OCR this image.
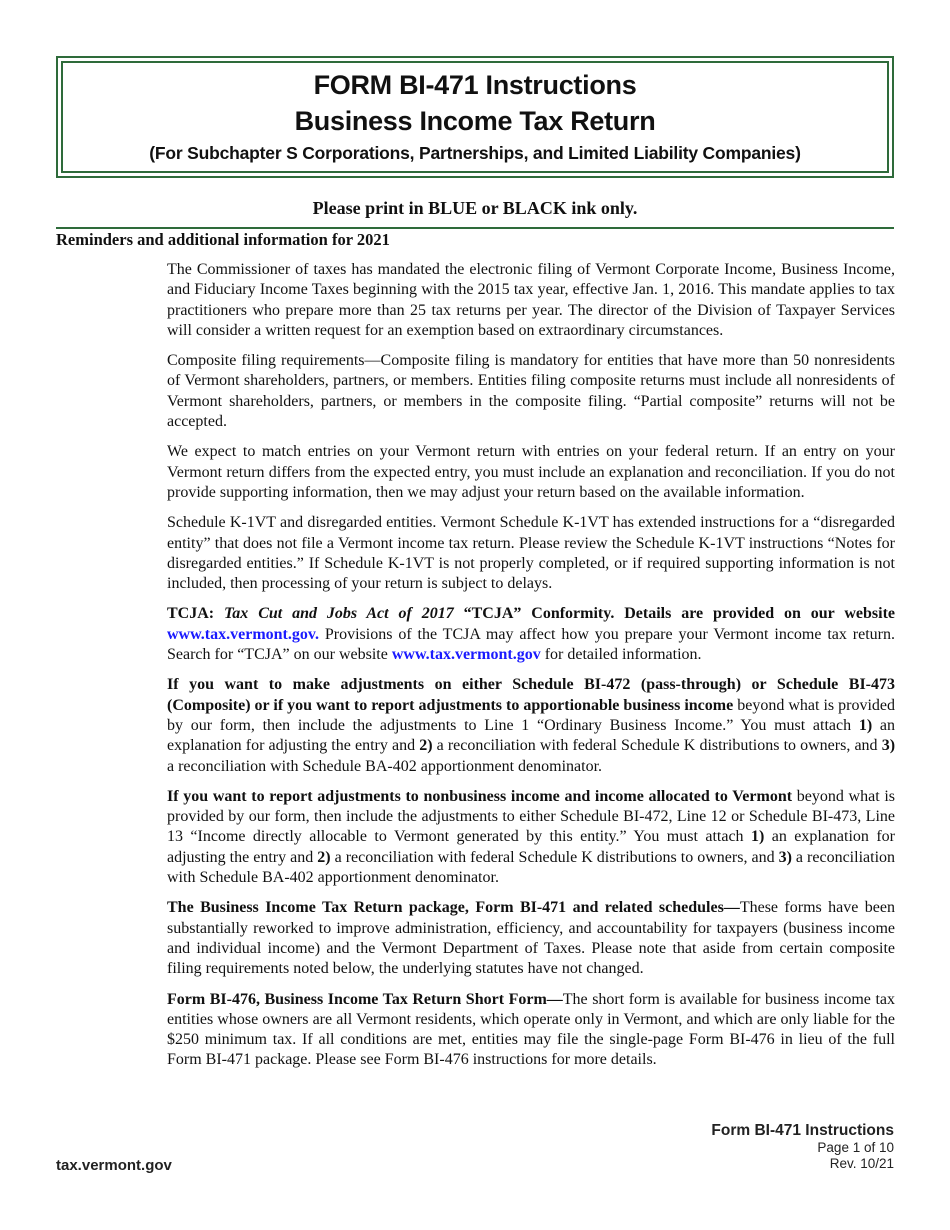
FORM BI-471 Instructions
Business Income Tax Return
(For Subchapter S Corporations, Partnerships, and Limited Liability Companies)
Please print in BLUE or BLACK ink only.
Reminders and additional information for 2021

The Commissioner of taxes has mandated the electronic filing of Vermont Corporate Income, Business Income, and Fiduciary Income Taxes beginning with the 2015 tax year, effective Jan. 1, 2016. This mandate applies to tax practitioners who prepare more than 25 tax returns per year. The director of the Division of Taxpayer Services will consider a written request for an exemption based on extraordinary circumstances.

Composite filing requirements—Composite filing is mandatory for entities that have more than 50 nonresidents of Vermont shareholders, partners, or members. Entities filing composite returns must include all nonresidents of Vermont shareholders, partners, or members in the composite filing. “Partial composite” returns will not be accepted.

We expect to match entries on your Vermont return with entries on your federal return. If an entry on your Vermont return differs from the expected entry, you must include an explanation and reconciliation. If you do not provide supporting information, then we may adjust your return based on the available information.

Schedule K-1VT and disregarded entities. Vermont Schedule K-1VT has extended instructions for a “disregarded entity” that does not file a Vermont income tax return. Please review the Schedule K-1VT instructions “Notes for disregarded entities.” If Schedule K-1VT is not properly completed, or if required supporting information is not included, then processing of your return is subject to delays.

TCJA: Tax Cut and Jobs Act of 2017 “TCJA” Conformity. Details are provided on our website www.tax.vermont.gov. Provisions of the TCJA may affect how you prepare your Vermont income tax return. Search for “TCJA” on our website www.tax.vermont.gov for detailed information.

If you want to make adjustments on either Schedule BI-472 (pass-through) or Schedule BI-473 (Composite) or if you want to report adjustments to apportionable business income beyond what is provided by our form, then include the adjustments to Line 1 “Ordinary Business Income.” You must attach 1) an explanation for adjusting the entry and 2) a reconciliation with federal Schedule K distributions to owners, and 3) a reconciliation with Schedule BA-402 apportionment denominator.

If you want to report adjustments to nonbusiness income and income allocated to Vermont beyond what is provided by our form, then include the adjustments to either Schedule BI-472, Line 12 or Schedule BI-473, Line 13 “Income directly allocable to Vermont generated by this entity.” You must attach 1) an explanation for adjusting the entry and 2) a reconciliation with federal Schedule K distributions to owners, and 3) a reconciliation with Schedule BA-402 apportionment denominator.

The Business Income Tax Return package, Form BI-471 and related schedules—These forms have been substantially reworked to improve administration, efficiency, and accountability for taxpayers (business income and individual income) and the Vermont Department of Taxes. Please note that aside from certain composite filing requirements noted below, the underlying statutes have not changed.

Form BI-476, Business Income Tax Return Short Form—The short form is available for business income tax entities whose owners are all Vermont residents, which operate only in Vermont, and which are only liable for the $250 minimum tax. If all conditions are met, entities may file the single-page Form BI-476 in lieu of the full Form BI-471 package. Please see Form BI-476 instructions for more details.

tax.vermont.gov
Form BI-471 Instructions
Page 1 of 10
Rev. 10/21
